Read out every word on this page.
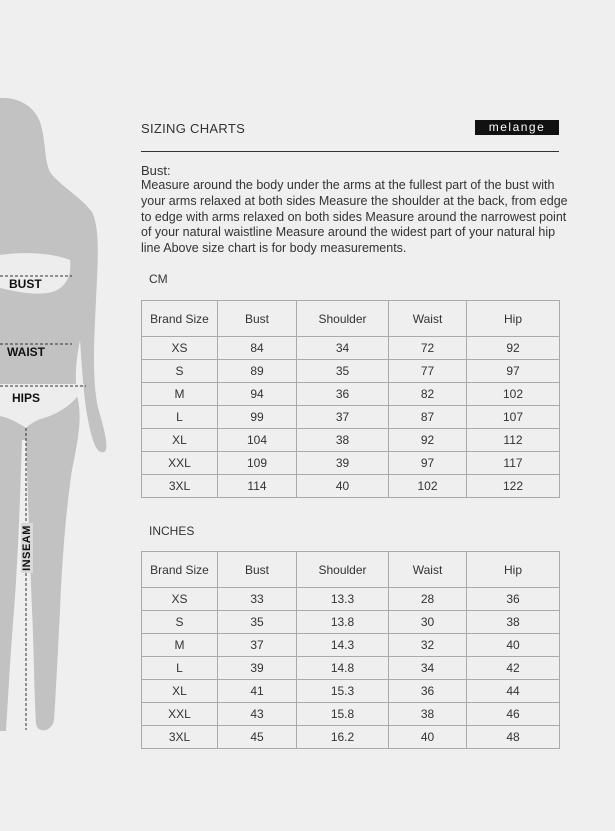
BUST
WAIST
HIPS
INSEAM
SIZING CHARTS	melange
Bust:
Measure around the body under the arms at the fullest part of the bust with your arms relaxed at both sides Measure the shoulder at the back, from edge to edge with arms relaxed on both sides Measure around the narrowest point of your natural waistline Measure around the widest part of your natural hip line Above size chart is for body measurements.
CM
Brand Size	Bust	Shoulder	Waist	Hip
XS	84	34	72	92
S	89	35	77	97
M	94	36	82	102
L	99	37	87	107
XL	104	38	92	112
XXL	109	39	97	117
3XL	114	40	102	122
INCHES
Brand Size	Bust	Shoulder	Waist	Hip
XS	33	13.3	28	36
S	35	13.8	30	38
M	37	14.3	32	40
L	39	14.8	34	42
XL	41	15.3	36	44
XXL	43	15.8	38	46
3XL	45	16.2	40	48
